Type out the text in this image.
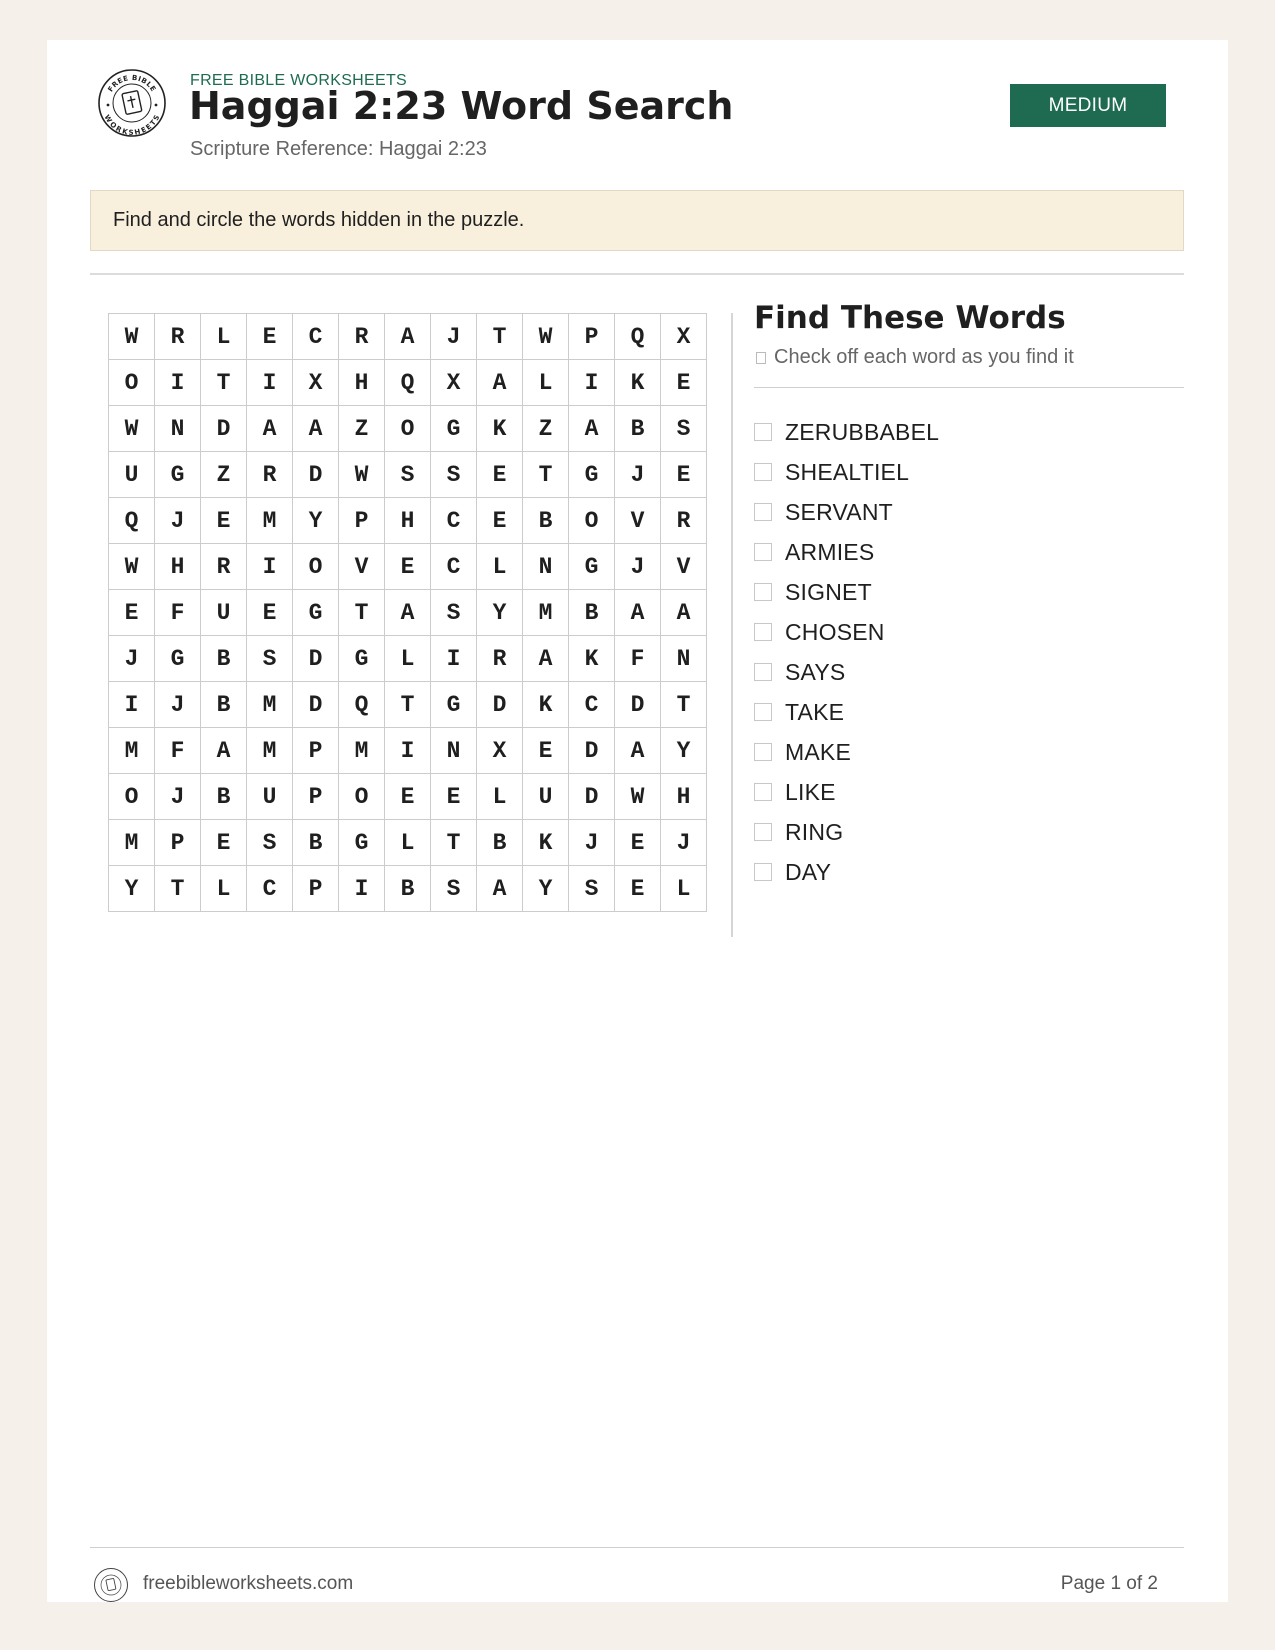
FREE BIBLE
WORKSHEETS
FREE BIBLE WORKSHEETS
Haggai 2:23 Word Search
Scripture Reference: Haggai 2:23
MEDIUM
Find and circle the words hidden in the puzzle.
W	R	L	E	C	R	A	J	T	W	P	Q	X
O	I	T	I	X	H	Q	X	A	L	I	K	E
W	N	D	A	A	Z	O	G	K	Z	A	B	S
U	G	Z	R	D	W	S	S	E	T	G	J	E
Q	J	E	M	Y	P	H	C	E	B	O	V	R
W	H	R	I	O	V	E	C	L	N	G	J	V
E	F	U	E	G	T	A	S	Y	M	B	A	A
J	G	B	S	D	G	L	I	R	A	K	F	N
I	J	B	M	D	Q	T	G	D	K	C	D	T
M	F	A	M	P	M	I	N	X	E	D	A	Y
O	J	B	U	P	O	E	E	L	U	D	W	H
M	P	E	S	B	G	L	T	B	K	J	E	J
Y	T	L	C	P	I	B	S	A	Y	S	E	L
Find These Words
Check off each word as you find it
ZERUBBABEL
SHEALTIEL
SERVANT
ARMIES
SIGNET
CHOSEN
SAYS
TAKE
MAKE
LIKE
RING
DAY
freebibleworksheets.com	Page 1 of 2
